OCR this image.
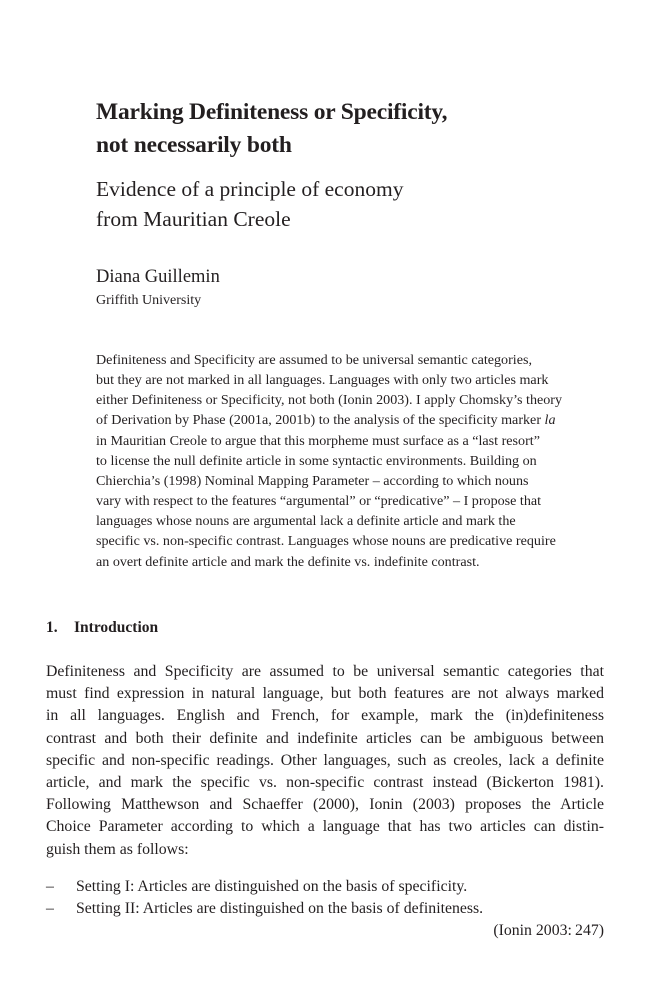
Marking Definiteness or Specificity,
not necessarily both
Evidence of a principle of economy
from Mauritian Creole
Diana Guillemin
Griffith University
Definiteness and Specificity are assumed to be universal semantic categories,
but they are not marked in all languages. Languages with only two articles mark
either Definiteness or Specificity, not both (Ionin 2003). I apply Chomsky’s theory
of Derivation by Phase (2001a, 2001b) to the analysis of the specificity marker la
in Mauritian Creole to argue that this morpheme must surface as a “last resort”
to license the null definite article in some syntactic environments. Building on
Chierchia’s (1998) Nominal Mapping Parameter – according to which nouns
vary with respect to the features “argumental” or “predicative” – I propose that
languages whose nouns are argumental lack a definite article and mark the
specific vs. non-specific contrast. Languages whose nouns are predicative require
an overt definite article and mark the definite vs. indefinite contrast.
1. Introduction
Definiteness and Specificity are assumed to be universal semantic categories that
must find expression in natural language, but both features are not always marked
in all languages. English and French, for example, mark the (in)definiteness
contrast and both their definite and indefinite articles can be ambiguous between
specific and non-specific readings. Other languages, such as creoles, lack a definite
article, and mark the specific vs. non-specific contrast instead (Bickerton 1981).
Following Matthewson and Schaeffer (2000), Ionin (2003) proposes the Article
Choice Parameter according to which a language that has two articles can distin-
guish them as follows:
– Setting I: Articles are distinguished on the basis of specificity.
– Setting II: Articles are distinguished on the basis of definiteness.
(Ionin 2003: 247)
